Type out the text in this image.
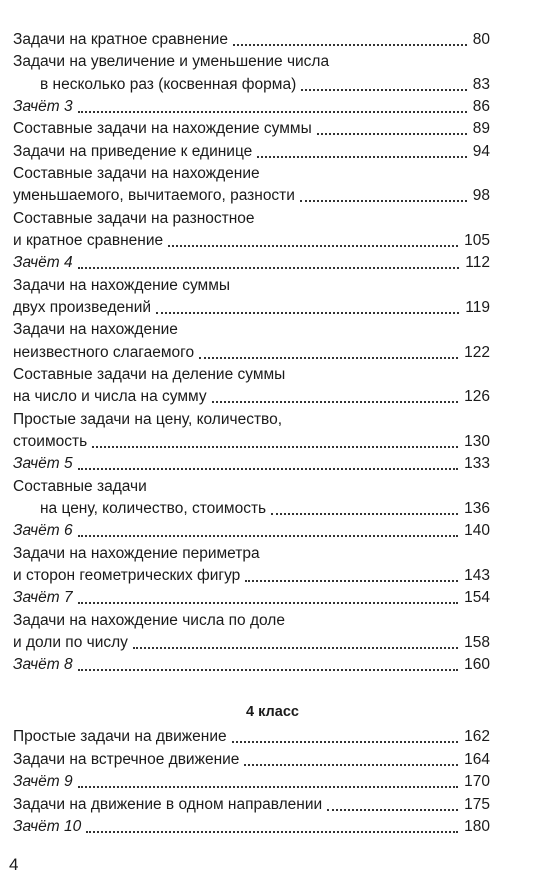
Задачи на кратное сравнение	80
Задачи на увеличение и уменьшение числа
в несколько раз (косвенная форма)	83
Зачёт 3	86
Составные задачи на нахождение суммы	89
Задачи на приведение к единице	94
Составные задачи на нахождение
уменьшаемого, вычитаемого, разности	98
Составные задачи на разностное
и кратное сравнение	105
Зачёт 4	112
Задачи на нахождение суммы
двух произведений	119
Задачи на нахождение
неизвестного слагаемого	122
Составные задачи на деление суммы
на число и числа на сумму	126
Простые задачи на цену, количество,
стоимость	130
Зачёт 5	133
Составные задачи
на цену, количество, стоимость	136
Зачёт 6	140
Задачи на нахождение периметра
и сторон геометрических фигур	143
Зачёт 7	154
Задачи на нахождение числа по доле
и доли по числу	158
Зачёт 8	160
Простые задачи на движение	162
Задачи на встречное движение	164
Зачёт 9	170
Задачи на движение в одном направлении	175
Зачёт 10	180
4 класс
4
